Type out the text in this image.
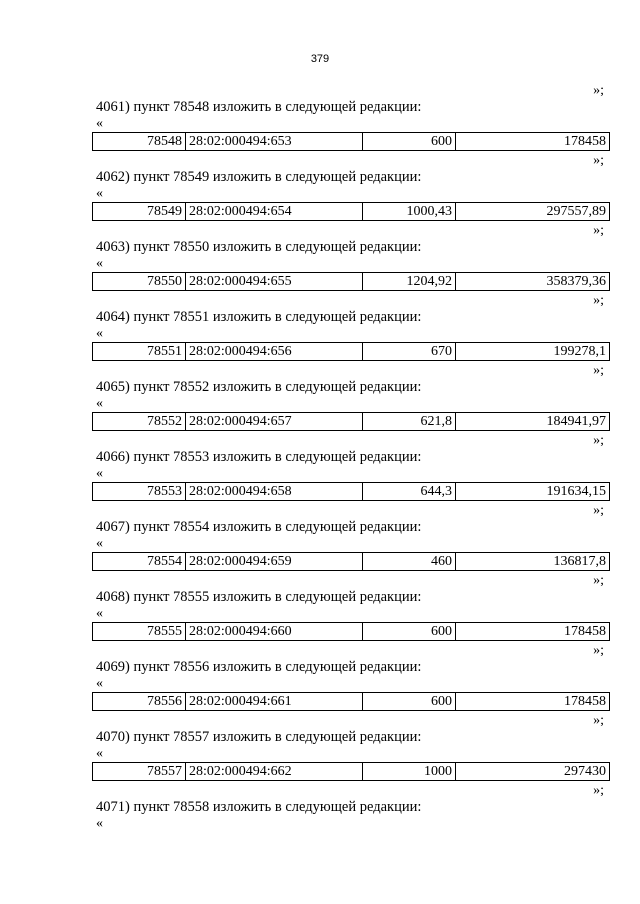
379
»;
4061) пункт 78548 изложить в следующей редакции:
«
78548	28:02:000494:653	600	178458
»;
4062) пункт 78549 изложить в следующей редакции:
«
78549	28:02:000494:654	1000,43	297557,89
»;
4063) пункт 78550 изложить в следующей редакции:
«
78550	28:02:000494:655	1204,92	358379,36
»;
4064) пункт 78551 изложить в следующей редакции:
«
78551	28:02:000494:656	670	199278,1
»;
4065) пункт 78552 изложить в следующей редакции:
«
78552	28:02:000494:657	621,8	184941,97
»;
4066) пункт 78553 изложить в следующей редакции:
«
78553	28:02:000494:658	644,3	191634,15
»;
4067) пункт 78554 изложить в следующей редакции:
«
78554	28:02:000494:659	460	136817,8
»;
4068) пункт 78555 изложить в следующей редакции:
«
78555	28:02:000494:660	600	178458
»;
4069) пункт 78556 изложить в следующей редакции:
«
78556	28:02:000494:661	600	178458
»;
4070) пункт 78557 изложить в следующей редакции:
«
78557	28:02:000494:662	1000	297430
»;
4071) пункт 78558 изложить в следующей редакции:
«
